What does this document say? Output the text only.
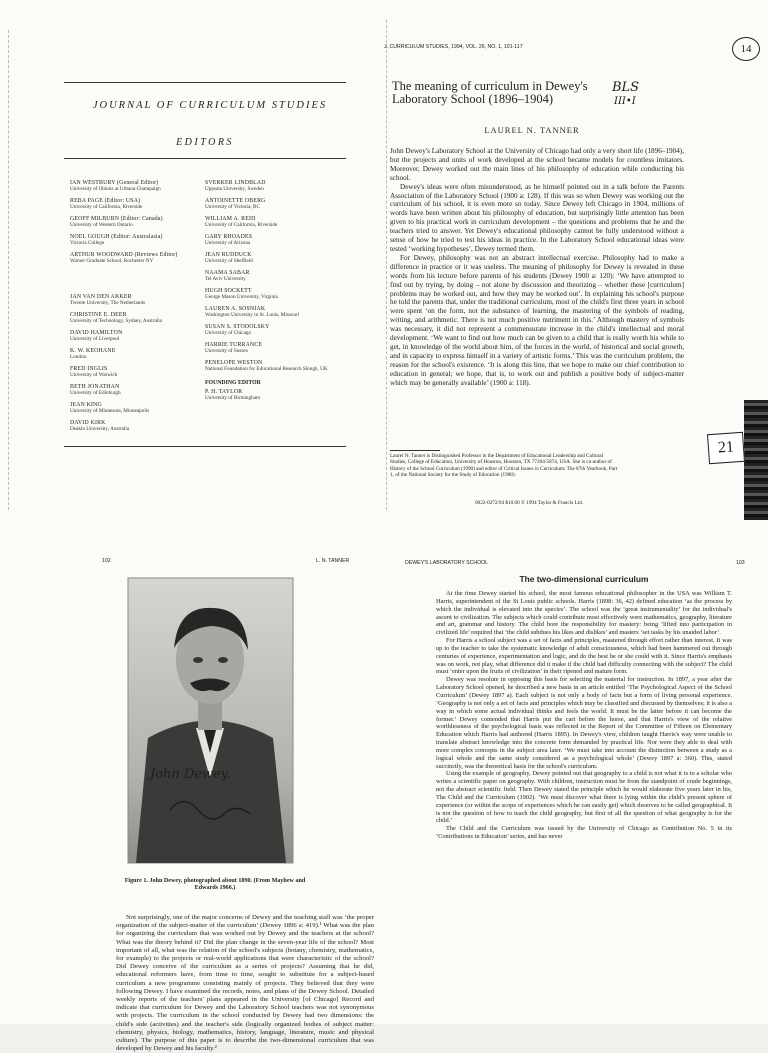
JOURNAL OF CURRICULUM STUDIES
EDITORS
IAN WESTBURY (General Editor)
University of Illinois at Urbana-Champaign
REBA PAGE (Editor: USA)
University of California, Riverside
GEOFF MILBURN (Editor: Canada)
University of Western Ontario
NOEL GOUGH (Editor: Australasia)
Victoria College
ARTHUR WOODWARD (Reviews Editor)
Warner Graduate School, Rochester NY
JAN VAN DEN AKKER
Twente University, The Netherlands
CHRISTINE E. DEER
University of Technology, Sydney, Australia
DAVID HAMILTON
University of Liverpool
K. W. KEOHANE
London
FRED INGLIS
University of Warwick
BETH JONATHAN
University of Edinburgh
JEAN KING
University of Minnesota, Minneapolis
DAVID KIRK
Deakin University, Australia
SVERKER LINDBLAD
Uppsala University, Sweden
ANTOINETTE OBERG
University of Victoria, BC
WILLIAM A. REID
University of California, Riverside
GARY RHOADES
University of Arizona
JEAN RUDDUCK
University of Sheffield
NAAMA SABAR
Tel Aviv University
HUGH SOCKETT
George Mason University, Virginia
LAUREN A. SOSNIAK
Washington University in St. Louis, Missouri
SUSAN S. STODOLSKY
University of Chicago
HARRIE TURRANCE
University of Sussex
PENELOPE WESTON
National Foundation for Educational Research Slough, UK
FOUNDING EDITOR
P. H. TAYLOR
University of Birmingham
14
J. CURRICULUM STUDIES, 1994, VOL. 26, NO. 1, 101-117
The meaning of curriculum in Dewey's Laboratory School (1896–1904)
BLS
III•I
LAUREL N. TANNER

John Dewey's Laboratory School at the University of Chicago had only a very short life (1896–1904), but the projects and units of work developed at the school became models for countless imitators. Moreover, Dewey worked out the main lines of his philosophy of education while conducting his school.

Dewey's ideas were often misunderstood, as he himself pointed out in a talk before the Parents Association of the Laboratory School (1900 a: 128). If this was so when Dewey was working out the curriculum of his school, it is even more so today. Since Dewey left Chicago in 1904, millions of words have been written about his philosophy of education, but surprisingly little attention has been given to his practical work in curriculum development – the questions and problems that he and the teachers tried to answer. Yet Dewey's educational philosophy cannot be fully understood without a sense of how he tried to test his ideas in practice. In the Laboratory School educational ideas were tested ‘working hypotheses’, Dewey termed them.

For Dewey, philosophy was not an abstract intellectual exercise. Philosophy had to make a difference in practice or it was useless. The meaning of philosophy for Dewey is revealed in these words from his lecture before parents of his students (Dewey 1900 a: 120): ‘We have attempted to find out by trying, by doing – not alone by discussion and theorizing – whether these [curriculum] problems may be worked out, and how they may be worked out’. In explaining his school's purpose he told the parents that, under the traditional curriculum, most of the child's first three years in school were spent ‘on the form, not the substance of learning, the mastering of the symbols of reading, writing, and arithmetic. There is not much positive nutriment in this.’ Although mastery of symbols was necessary, it did not represent a commensurate increase in the child's intellectual and moral development. ‘We want to find out how much can be given to a child that is really worth his while to get, in knowledge of the world about him, of the forces in the world, of historical and social growth, and in capacity to express himself in a variety of artistic forms.’ This was the curriculum problem, the reason for the school's existence. ‘It is along this line, that we hope to make our chief contribution to education in general; we hope, that is, to work out and publish a positive body of subject-matter which may be generally available’ (1900 a: 118).

Laurel N. Tanner is Distinguished Professor in the Department of Educational Leadership and Cultural Studies, College of Education, University of Houston, Houston, TX 77204-5874, USA. She is co-author of History of the School Curriculum (1990) and editor of Critical Issues in Curriculum: The 87th Yearbook, Part 1, of the National Society for the Study of Education (1988).
0022-0272/94 $10.00 © 1994 Taylor & Francis Ltd.
21
102	L. N. TANNER
John Dewey.
Figure 1. John Dewey, photographed about 1890. (From Mayhew and Edwards 1966.)

Not surprisingly, one of the major concerns of Dewey and the teaching staff was ‘the proper organization of the subject-matter of the curriculum’ (Dewey 1896 a: 419).¹ What was the plan for organizing the curriculum that was worked out by Dewey and the teachers at the school? What was the theory behind it? Did the plan change in the seven-year life of the school? Most important of all, what was the relation of the school's subjects (botany, chemistry, mathematics, for example) to the projects or real-world applications that were characteristic of the school? Did Dewey conceive of the curriculum as a series of projects? Assuming that he did, educational reformers have, from time to time, sought to substitute for a subject-based curriculum a new programme consisting mainly of projects. They believed that they were following Dewey. I have examined the records, notes, and plans of the Dewey School. Detailed weekly reports of the teachers' plans appeared in the University [of Chicago] Record and indicate that curriculum for Dewey and the Laboratory School teachers was not synonymous with projects. The curriculum in the school conducted by Dewey had two dimensions: the child's side (activities) and the teacher's side (logically organized bodies of subject matter: chemistry, physics, biology, mathematics, history, language, literature, music and physical culture). The purpose of this paper is to describe the two-dimensional curriculum that was developed by Dewey and his faculty.²

DEWEY'S LABORATORY SCHOOL	103
The two-dimensional curriculum

At the time Dewey started his school, the most famous educational philosopher in the USA was William T. Harris, superintendent of the St Louis public schools. Harris (1898: 36, 42) defined education ‘as the process by which the individual is elevated into the species’. The school was the ‘great instrumentality’ for the individual's ascent to civilization. The subjects which could contribute most effectively were mathematics, geography, literature and art, grammar and history. The child bore the responsibility for mastery: being ‘lifted into participation in civilized life’ required that ‘the child subdues his likes and dislikes’ and masters ‘set tasks by his unaided labor’.

For Harris a school subject was a set of facts and principles, mastered through effort rather than interest. It was up to the teacher to take the systematic knowledge of adult consciousness, which had been hammered out through centuries of experience, experimentation and logic, and do the best he or she could with it. Since Harris's emphasis was on work, not play, what difference did it make if the child had difficulty connecting with the subject? The child must ‘enter upon the fruits of civilization’ in their ripened and mature form.

Dewey was resolute in opposing this basis for selecting the material for instruction. In 1897, a year after the Laboratory School opened, he described a new basis in an article entitled ‘The Psychological Aspect of the School Curriculum’ (Dewey 1897 a). Each subject is not only a body of facts but a form of living personal experience. ‘Geography is not only a set of facts and principles which may be classified and discussed by themselves; it is also a way in which some actual individual thinks and feels the world. It must be the latter before it can become the former.’ Dewey contended that Harris put the cart before the horse, and that Harris's view of the relative worthlessness of the psychological basis was reflected in the Report of the Committee of Fifteen on Elementary Education which Harris had authored (Harris 1895). In Dewey's view, children taught Harris's way were unable to translate abstract knowledge into the concrete form demanded by practical life. Nor were they able to deal with more complex concepts in the subject area later. ‘We must take into account the distinction between a study as a logical whole and the same study considered as a psychological whole’ (Dewey 1897 a: 360). This, stated succinctly, was the theoretical basis for the school's curriculum.

Using the example of geography, Dewey pointed out that geography to a child is not what it is to a scholar who writes a scientific paper on geography. With children, instruction must be from the standpoint of crude beginnings, not the abstract scientific field. Then Dewey stated the principle which he would elaborate five years later in his, The Child and the Curriculum (1902). ‘We must discover what there is lying within the child's present sphere of experience (or within the scope of experiences which he can easily get) which deserves to be called geographical. It is not the question of how to teach the child geography, but first of all the question of what geography is for the child.’

The Child and the Curriculum was issued by the University of Chicago as Contribution No. 5 in its ‘Contributions in Education’ series, and has never
